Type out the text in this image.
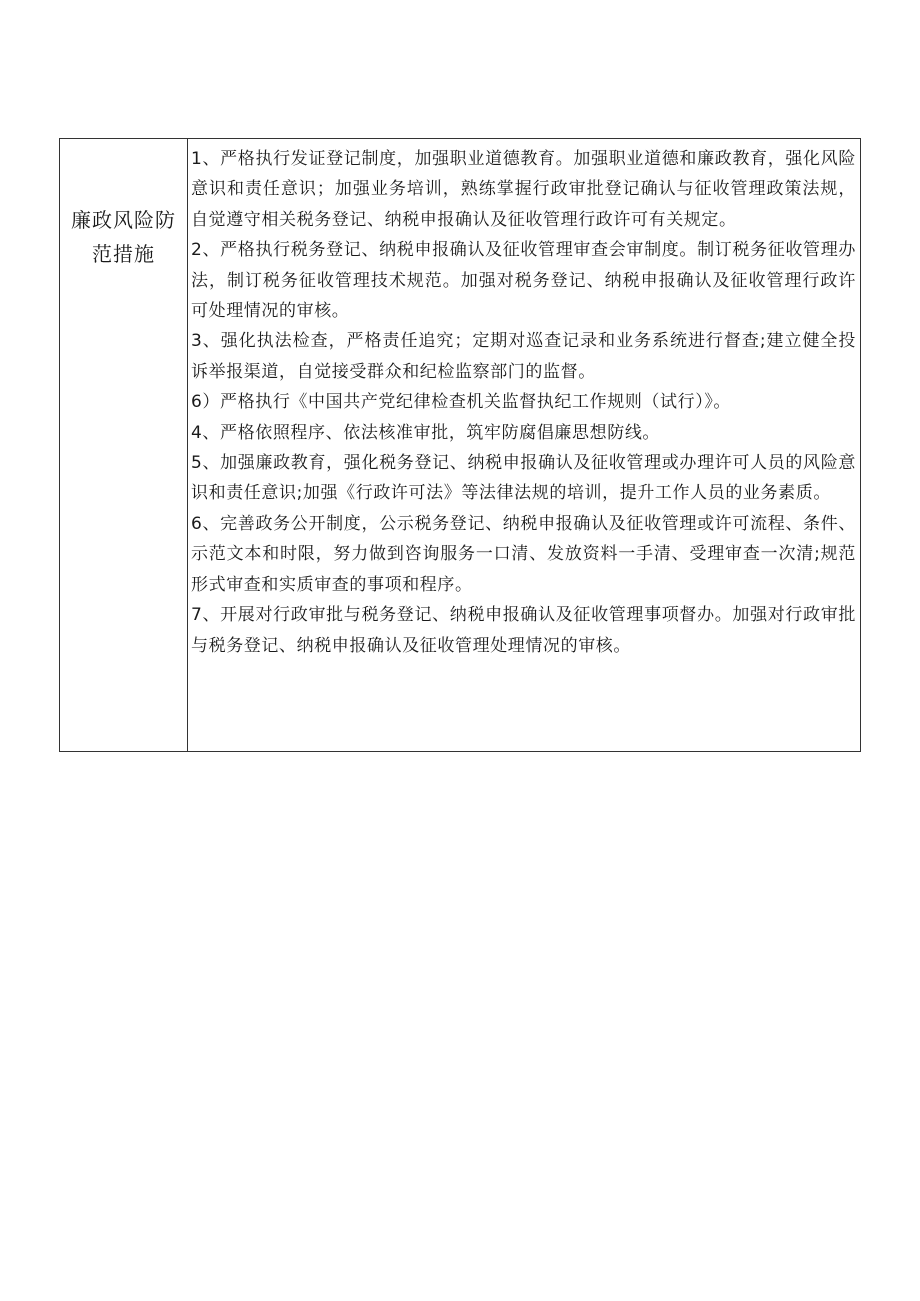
廉政风险防
范措施

1、严格执行发证登记制度，加强职业道德教育。加强职业道德和廉政教育，强化风险意识和责任意识；加强业务培训，熟练掌握行政审批登记确认与征收管理政策法规，自觉遵守相关税务登记、纳税申报确认及征收管理行政许可有关规定。

2、严格执行税务登记、纳税申报确认及征收管理审查会审制度。制订税务征收管理办法，制订税务征收管理技术规范。加强对税务登记、纳税申报确认及征收管理行政许可处理情况的审核。

3、强化执法检查，严格责任追究；定期对巡查记录和业务系统进行督查;建立健全投诉举报渠道，自觉接受群众和纪检监察部门的监督。

6）严格执行《中国共产党纪律检查机关监督执纪工作规则（试行）》。

4、严格依照程序、依法核准审批，筑牢防腐倡廉思想防线。

5、加强廉政教育，强化税务登记、纳税申报确认及征收管理或办理许可人员的风险意识和责任意识;加强《行政许可法》等法律法规的培训，提升工作人员的业务素质。

6、完善政务公开制度，公示税务登记、纳税申报确认及征收管理或许可流程、条件、示范文本和时限，努力做到咨询服务一口清、发放资料一手清、受理审查一次清;规范形式审查和实质审查的事项和程序。

7、开展对行政审批与税务登记、纳税申报确认及征收管理事项督办。加强对行政审批与税务登记、纳税申报确认及征收管理处理情况的审核。
